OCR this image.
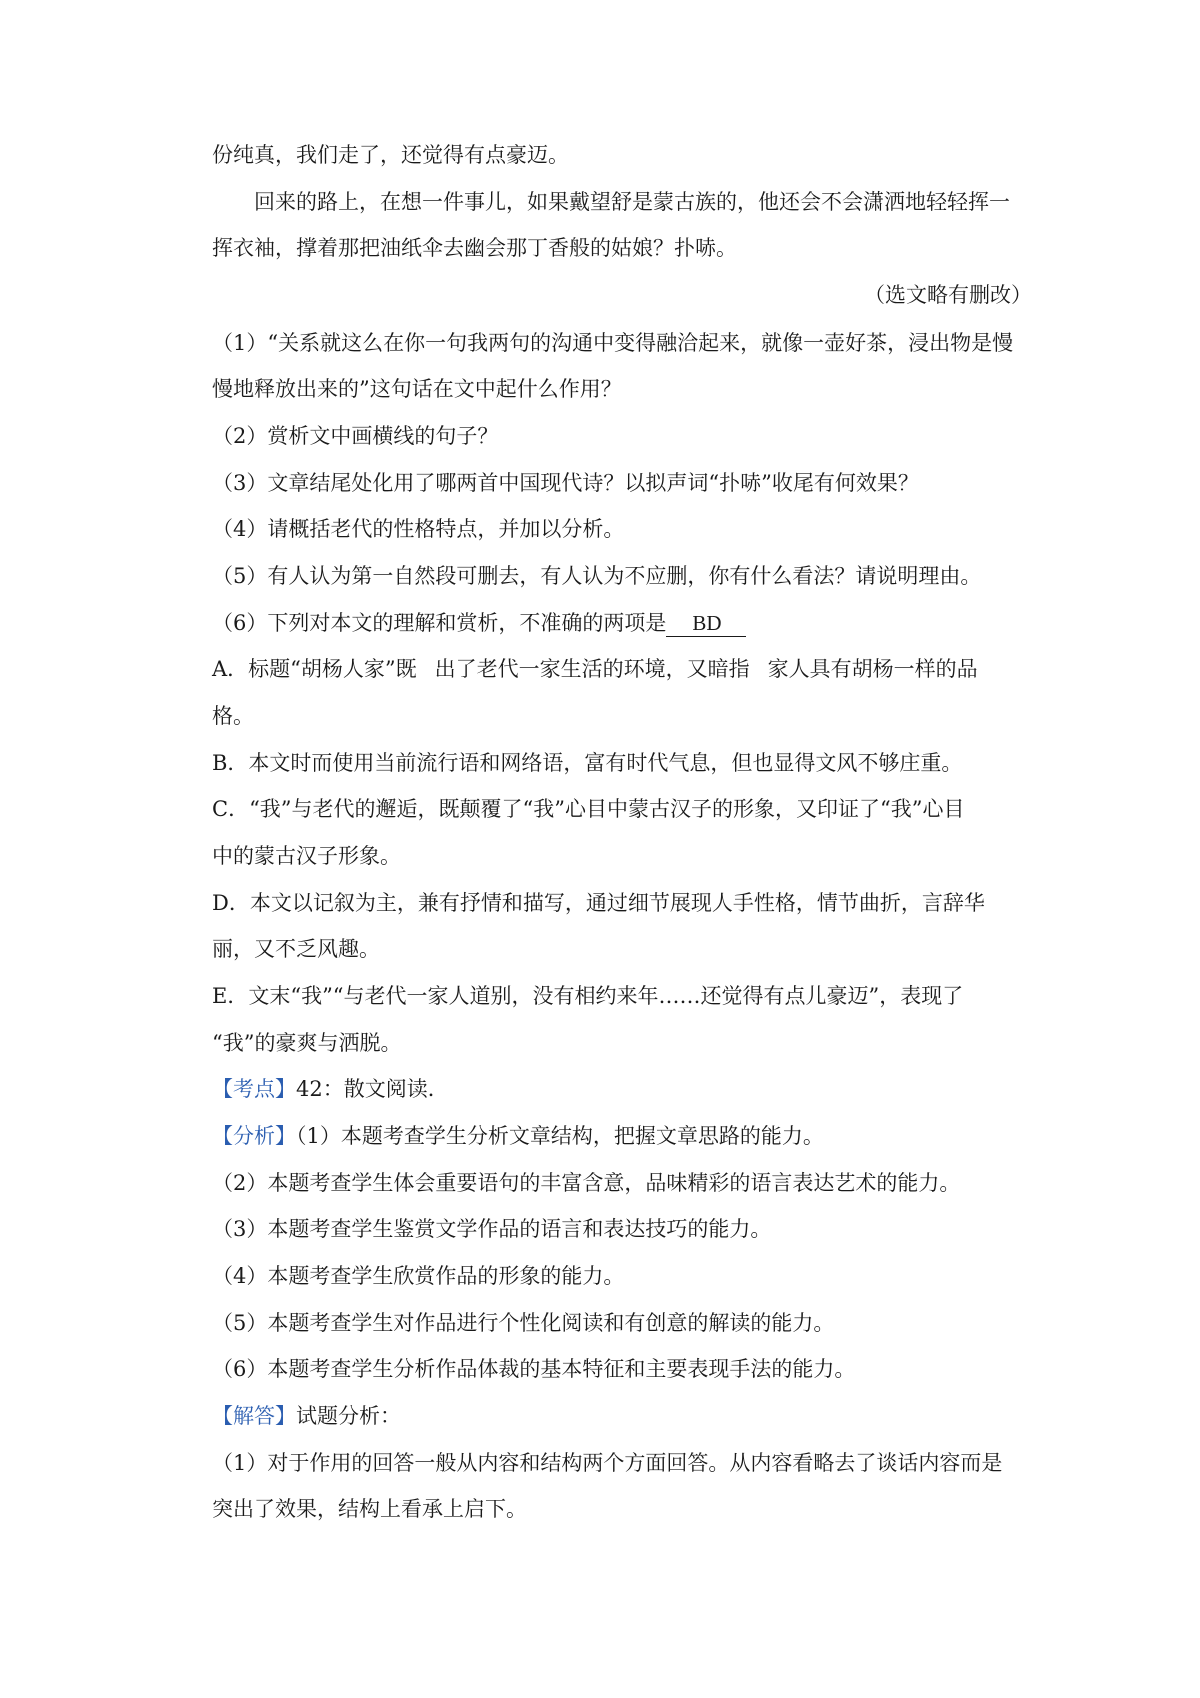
份纯真，我们走了，还觉得有点豪迈。
回来的路上，在想一件事儿，如果戴望舒是蒙古族的，他还会不会潇洒地轻轻挥一
挥衣袖，撑着那把油纸伞去幽会那丁香般的姑娘？扑哧。
（选文略有删改）
（1）“关系就这么在你一句我两句的沟通中变得融洽起来，就像一壶好茶，浸出物是慢
慢地释放出来的”这句话在文中起什么作用？
（2）赏析文中画横线的句子？
（3）文章结尾处化用了哪两首中国现代诗？以拟声词“扑哧”收尾有何效果？
（4）请概括老代的性格特点，并加以分析。
（5）有人认为第一自然段可删去，有人认为不应删，你有什么看法？请说明理由。
（6）下列对本文的理解和赏析，不准确的两项是 BD
A．标题“胡杨人家”既 出了老代一家生活的环境，又暗指 家人具有胡杨一样的品
格。
B．本文时而使用当前流行语和网络语，富有时代气息，但也显得文风不够庄重。
C．“我”与老代的邂逅，既颠覆了“我”心目中蒙古汉子的形象，又印证了“我”心目
中的蒙古汉子形象。
D．本文以记叙为主，兼有抒情和描写，通过细节展现人手性格，情节曲折，言辞华
丽，又不乏风趣。
E．文末“我”“与老代一家人道别，没有相约来年……还觉得有点儿豪迈”，表现了
“我”的豪爽与洒脱。
【考点】42：散文阅读．
【分析】（1）本题考查学生分析文章结构，把握文章思路的能力。
（2）本题考查学生体会重要语句的丰富含意，品味精彩的语言表达艺术的能力。
（3）本题考查学生鉴赏文学作品的语言和表达技巧的能力。
（4）本题考查学生欣赏作品的形象的能力。
（5）本题考查学生对作品进行个性化阅读和有创意的解读的能力。
（6）本题考查学生分析作品体裁的基本特征和主要表现手法的能力。
【解答】试题分析：
（1）对于作用的回答一般从内容和结构两个方面回答。从内容看略去了谈话内容而是
突出了效果，结构上看承上启下。
